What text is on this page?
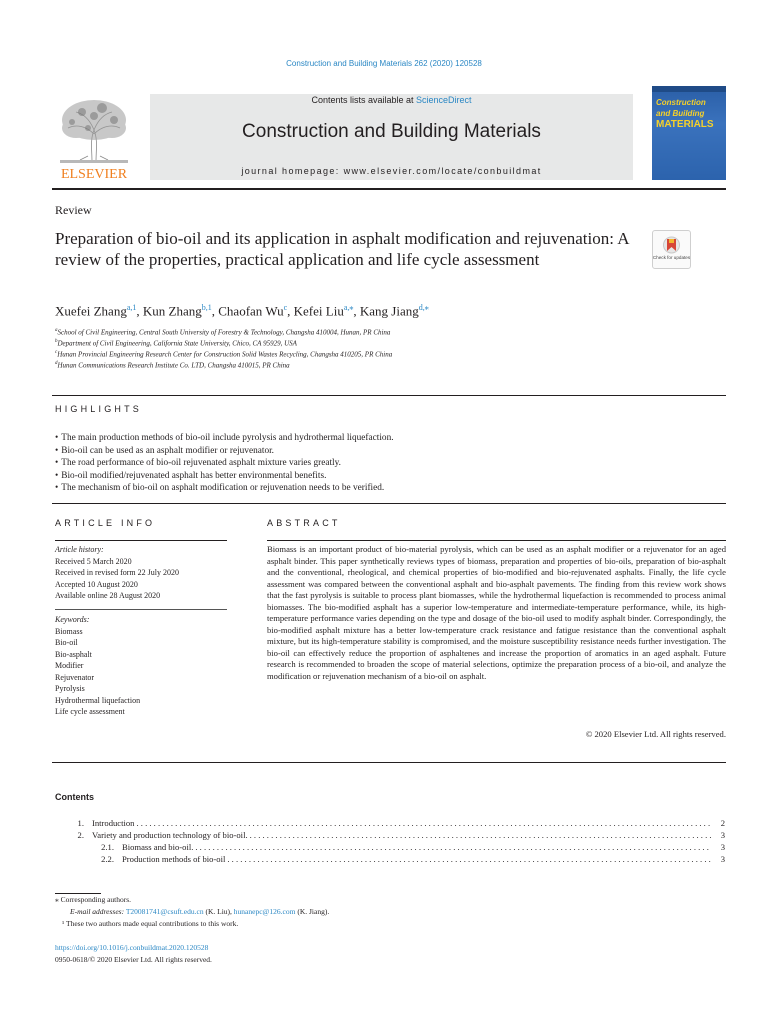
Construction and Building Materials 262 (2020) 120528
ELSEVIER
Contents lists available at ScienceDirect
Construction and Building Materials
journal homepage: www.elsevier.com/locate/conbuildmat
Construction
and Building
MATERIALS
Review
Preparation of bio-oil and its application in asphalt modification and rejuvenation: A review of the properties, practical application and life cycle assessment	Check for updates
Xuefei Zhang$^{a,1}$, Kun Zhang$^{b,1}$, Chaofan Wu$^c$, Kefei Liu$^{a,⁎}$, Kang Jiang$^{d,⁎}$
$^a$School of Civil Engineering, Central South University of Forestry & Technology, Changsha 410004, Hunan, PR China
$^b$Department of Civil Engineering, California State University, Chico, CA 95929, USA
$^c$Hunan Provincial Engineering Research Center for Construction Solid Wastes Recycling, Changsha 410205, PR China
$^d$Hunan Communications Research Institute Co. LTD, Changsha 410015, PR China
HIGHLIGHTS
• The main production methods of bio-oil include pyrolysis and hydrothermal liquefaction.
• Bio-oil can be used as an asphalt modifier or rejuvenator.
• The road performance of bio-oil rejuvenated asphalt mixture varies greatly.
• Bio-oil modified/rejuvenated asphalt has better environmental benefits.
• The mechanism of bio-oil on asphalt modification or rejuvenation needs to be verified.
ARTICLE INFO
Article history:
Received 5 March 2020
Received in revised form 22 July 2020
Accepted 10 August 2020
Available online 28 August 2020
Keywords:
Biomass
Bio-oil
Bio-asphalt
Modifier
Rejuvenator
Pyrolysis
Hydrothermal liquefaction
Life cycle assessment
ABSTRACT
Biomass is an important product of bio-material pyrolysis, which can be used as an asphalt modifier or a rejuvenator for an aged asphalt binder. This paper synthetically reviews types of biomass, preparation and properties of bio-oils, preparation of bio-asphalt and the conventional, rheological, and chemical properties of bio-modified and bio-rejuvenated asphalts. Finally, the life cycle assessment was compared between the conventional asphalt and bio-asphalt pavements. The finding from this review work shows that the fast pyrolysis is suitable to process plant biomasses, while the hydrothermal liquefaction is recommended to process animal biomasses. The bio-modified asphalt has a superior low-temperature and intermediate-temperature performance, while, its high-temperature performance varies depending on the type and dosage of the bio-oil used to modify asphalt binder. Correspondingly, the bio-modified asphalt mixture has a better low-temperature crack resistance and fatigue resistance than the conventional asphalt mixture, but its high-temperature stability is compromised, and the moisture susceptibility resistance needs further investigation. The bio-oil can effectively reduce the proportion of asphaltenes and increase the proportion of aromatics in an aged asphalt. Future research is recommended to broaden the scope of material selections, optimize the preparation process of a bio-oil, and analyze the modification or rejuvenation mechanism of a bio-oil on asphalt.
© 2020 Elsevier Ltd. All rights reserved.
Contents
1. Introduction . . .	2
2. Variety and production technology of bio-oil. . . .	3
2.1. Biomass and bio-oil. . . .	3
2.2. Production methods of bio-oil . . .	3
⁎ Corresponding authors.
E-mail addresses: T20081741@csuft.edu.cn (K. Liu), hunanepc@126.com (K. Jiang).
¹ These two authors made equal contributions to this work.
https://doi.org/10.1016/j.conbuildmat.2020.120528
0950-0618/© 2020 Elsevier Ltd. All rights reserved.
